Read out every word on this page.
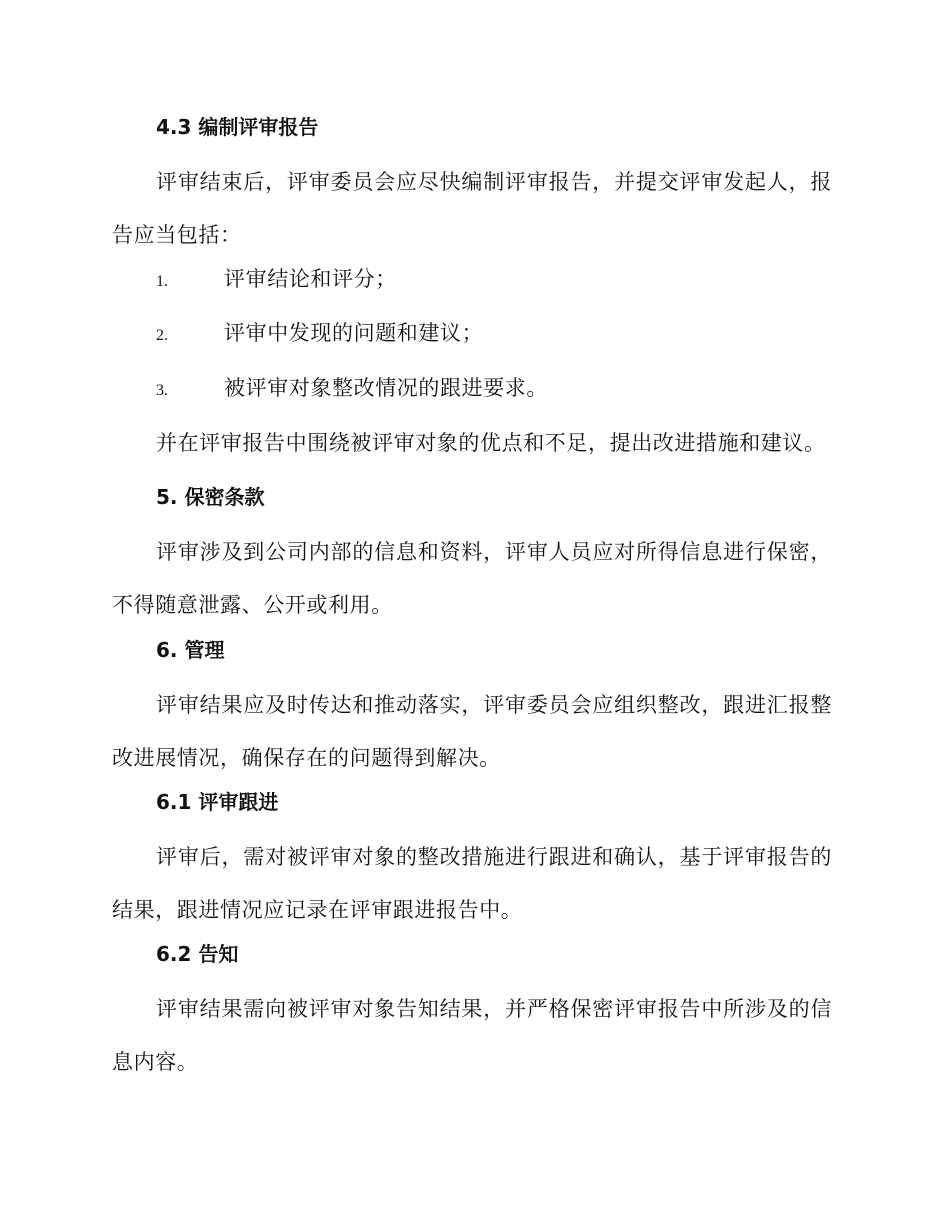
4.3 编制评审报告
评审结束后，评审委员会应尽快编制评审报告，并提交评审发起人，报告应当包括：
1.	评审结论和评分；
2.	评审中发现的问题和建议；
3.	被评审对象整改情况的跟进要求。
并在评审报告中围绕被评审对象的优点和不足，提出改进措施和建议。
5. 保密条款
评审涉及到公司内部的信息和资料，评审人员应对所得信息进行保密，不得随意泄露、公开或利用。
6. 管理
评审结果应及时传达和推动落实，评审委员会应组织整改，跟进汇报整改进展情况，确保存在的问题得到解决。
6.1 评审跟进
评审后，需对被评审对象的整改措施进行跟进和确认，基于评审报告的结果，跟进情况应记录在评审跟进报告中。
6.2 告知
评审结果需向被评审对象告知结果，并严格保密评审报告中所涉及的信息内容。
